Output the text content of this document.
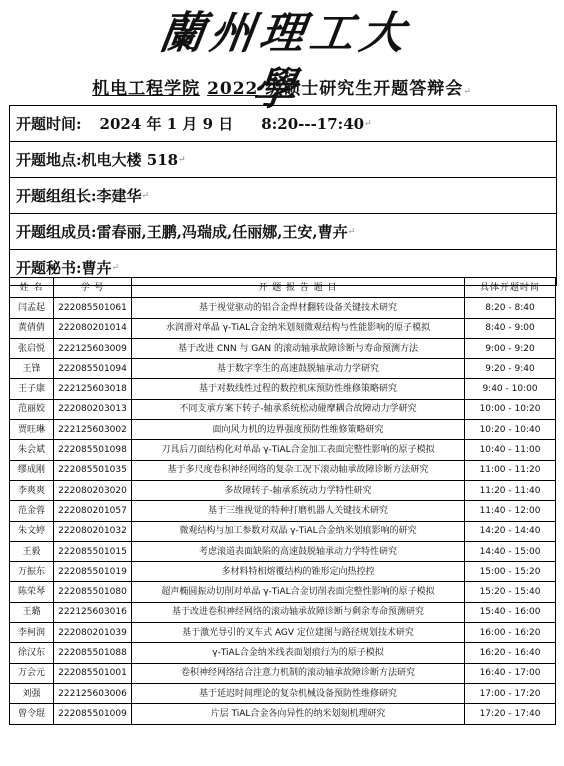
蘭州理工大學
机电工程学院 2022 级硕士研究生开题答辩会↵
开题时间: 2024 年 1 月 9 日 8:20---17:40 ↵
开题地点:机电大楼 518 ↵
开题组组长:李建华 ↵
开题组成员:雷春丽,王鹏,冯瑞成,任丽娜,王安,曹卉 ↵
开题秘书:曹卉 ↵
姓 名	学 号	开 题 报 告 题 目	具体开题时间
闫孟起	222085501061	基于视觉驱动的铝合金焊材翻转设备关键技术研究	8:20 - 8:40
黄倩倩	222080201014	水润滑对单晶 γ-TiAL合金纳米划刻微观结构与性能影响的原子模拟	8:40 - 9:00
张启悦	222125603009	基于改进 CNN 与 GAN 的滚动轴承故障诊断与寿命预测方法	9:00 - 9:20
王锋	222085501094	基于数字孪生的高速鼓脱轴承动力学研究	9:20 - 9:40
王子康	222125603018	基于对数线性过程的数控机床预防性维修策略研究	9:40 - 10:00
范丽姣	222080203013	不同支承方案下转子-轴承系统松动碰摩耦合故障动力学研究	10:00 - 10:20
贾旺琳	222125603002	面向风力机的边界强度预防性维修策略研究	10:20 - 10:40
朱会斌	222085501098	刀具后刀面结构化对单晶 γ-TiAL合金加工表面完整性影响的原子模拟	10:40 - 11:00
缪成刚	222085501035	基于多尺度卷积神经网络的复杂工况下滚动轴承故障诊断方法研究	11:00 - 11:20
李爽爽	222080203020	多故障转子-轴承系统动力学特性研究	11:20 - 11:40
范金蓉	222080201057	基于三维视觉的特种打磨机器人关键技术研究	11:40 - 12:00
朱文婷	222080201032	微观结构与加工参数对双晶 γ-TiAL合金纳米划痕影响的研究	14:20 - 14:40
王毅	222085501015	考虑滚道表面缺陷的高速鼓脱轴承动力学特性研究	14:40 - 15:00
万振东	222085501019	多材料特相熔覆结构的锥形定向热控控	15:00 - 15:20
陈荣琴	222085501080	超声椭圆振动切削对单晶 γ-TiAL合金切削表面完整性影响的原子模拟	15:20 - 15:40
王璐	222125603016	基于改进卷积神经网络的滚动轴承故障诊断与剩余寿命预测研究	15:40 - 16:00
李柯润	222080201039	基于激光导引的叉车式 AGV 定位建图与路径规划技术研究	16:00 - 16:20
徐汉东	222085501088	γ-TiAL合金纳米线表面划痕行为的原子模拟	16:20 - 16:40
万会元	222085501001	卷积神经网络结合注意力机制的滚动轴承故障诊断方法研究	16:40 - 17:00
刘强	222125603006	基于延迟时间理论的复杂机械设备预防性维修研究	17:00 - 17:20
曾令琨	222085501009	片层 TiAL合金各向异性的纳米划刻机理研究	17:20 - 17:40
